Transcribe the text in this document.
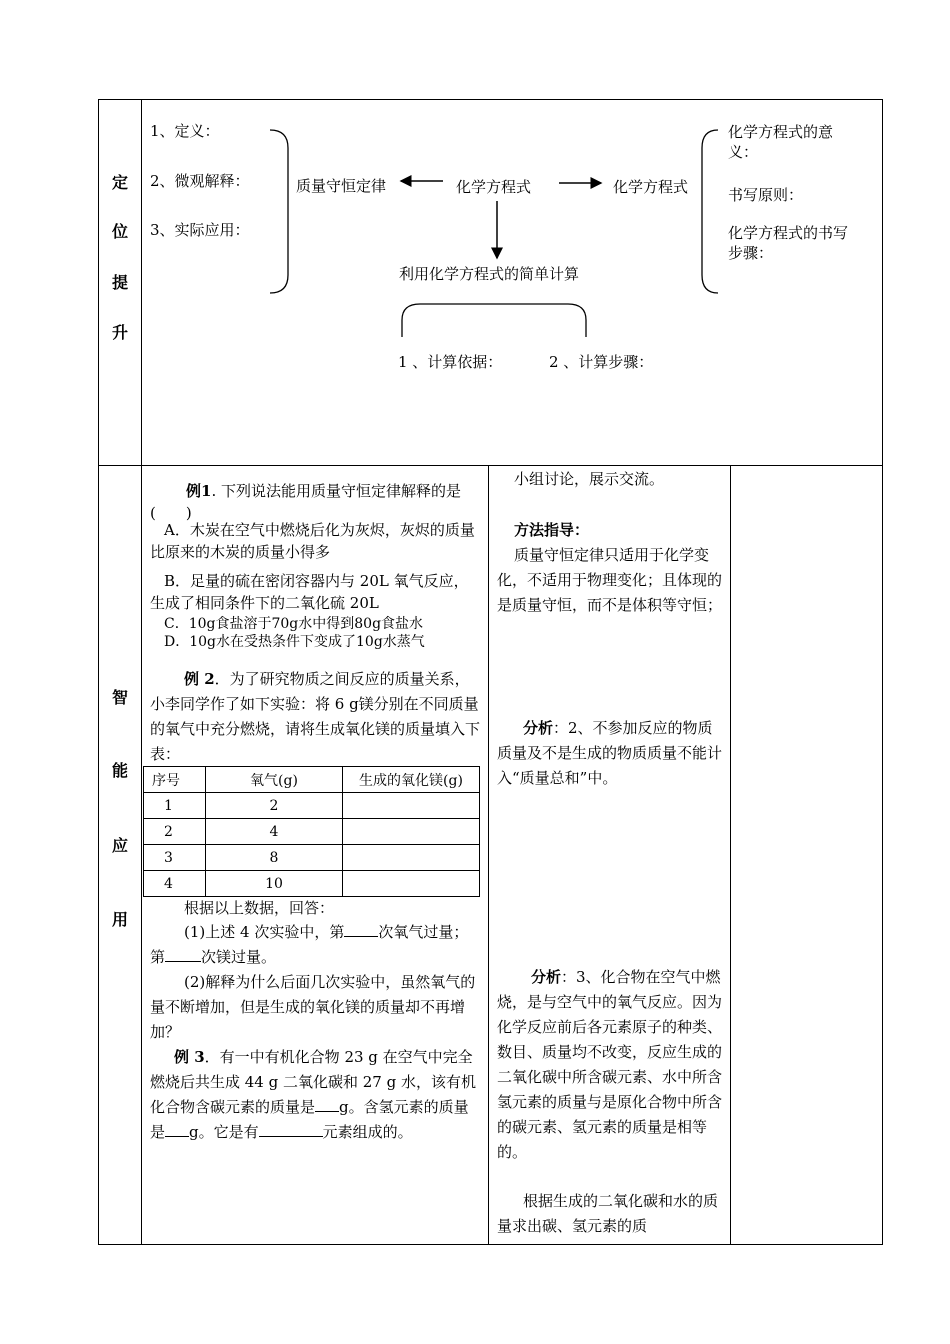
定
位
提
升
1、定义：
2、微观解释：
3、实际应用：
质量守恒定律	化学方程式	化学方程式
化学方程式的意义：
书写原则：
化学方程式的书写步骤：
利用化学方程式的简单计算
1 、计算依据：	2 、计算步骤：
智
能
应
用
例1. 下列说法能用质量守恒定律解释的是(　　)
A．木炭在空气中燃烧后化为灰烬，灰烬的质量比原来的木炭的质量小得多
B．足量的硫在密闭容器内与 20L 氧气反应，生成了相同条件下的二氧化硫 20L
C．10g食盐溶于70g水中得到80g食盐水
D．10g水在受热条件下变成了10g水蒸气
例 2．为了研究物质之间反应的质量关系，小李同学作了如下实验：将 6 g镁分别在不同质量的氧气中充分燃烧，请将生成氧化镁的质量填入下表：
序号	氧气(g)	生成的氧化镁(g)
1	2	
2	4	
3	8	
4	10	
根据以上数据，回答：
(1)上述 4 次实验中，第 次氧气过量；第 次镁过量。
(2)解释为什么后面几次实验中，虽然氧气的量不断增加，但是生成的氧化镁的质量却不再增加？
例 3．有一中有机化合物 23 g 在空气中完全燃烧后共生成 44 g 二氧化碳和 27 g 水，该有机化合物含碳元素的质量是 g。含氢元素的质量是 g。它是有	元素组成的。
小组讨论，展示交流。
方法指导：
质量守恒定律只适用于化学变化，不适用于物理变化；且体现的是质量守恒，而不是体积等守恒；
分析：2、不参加反应的物质质量及不是生成的物质质量不能计入“质量总和”中。
分析：3、化合物在空气中燃烧，是与空气中的氧气反应。因为化学反应前后各元素原子的种类、数目、质量均不改变，反应生成的二氧化碳中所含碳元素、水中所含氢元素的质量与是原化合物中所含的碳元素、氢元素的质量是相等的。
根据生成的二氧化碳和水的质量求出碳、氢元素的质
